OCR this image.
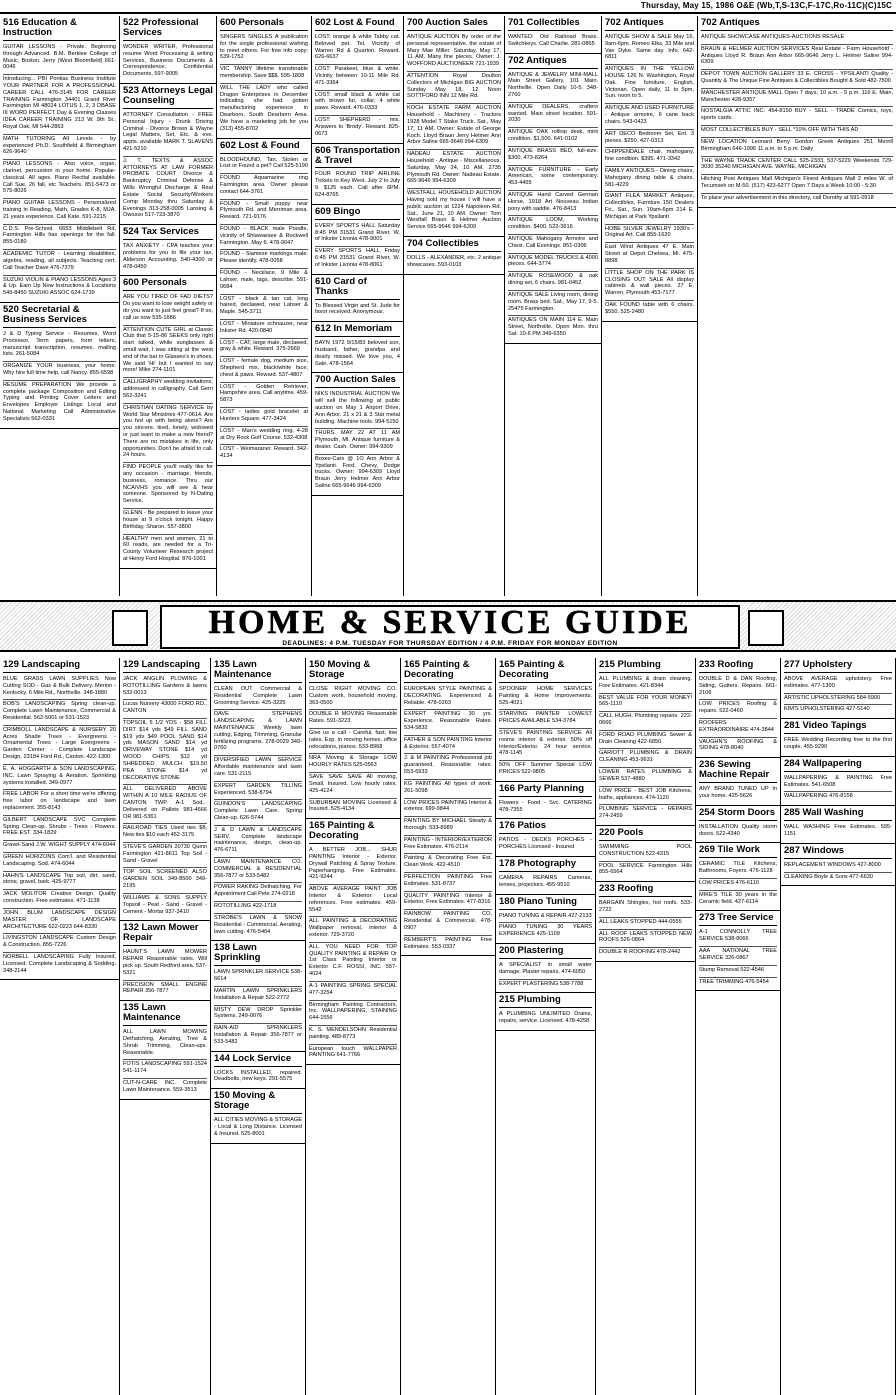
Thursday, May 15, 1986 O&E (Wb,T,S-13C,F-17C,Ro-11C)(C)15C
516 Education & Instruction
GUITAR LESSONS - Private. Beginning through Advanced. B.M. Berklee College of Music, Boston. Jerry (West Bloomfield) 661-0046
Introducing... PBI Pontiac Business Institute YOUR PARTNER FOR A PROFESSIONAL CAREER CALL 476-3145 FOR CAREER TRAINING Farmington 34401 Grand River Farmington MI 48024 LOTUS 1, 2, 3 DBASE III WORD PERFECT Day & Evening Classes IDEA CAREER TRAINING 213 W. 9th St., Royal Oak, MI 544-2863
MATH TUTORING All Levels - by experienced Ph.D. Southfield & Birmingham 626-9640
PIANO LESSONS - Also voice, organ, clarinet, percussion in your home. Popular-classical. All ages. Piano Recital available. Call Sue, 26 fall, etc Teachers. 851-5473 or 575-8026
PIANO GUITAR LESSONS - Personalized training in Reading, Math, Grades K-8, MJA. 21 years experience. Call Kate. 591-2215
C.D.S. Pre-School. 6653 Middlebelt Rd, Farmington Hills has openings for the fall. 855-0180
ACADEMIC TUTOR - Learning disabilities, algebra, reading, all subjects. Teaching cert. Call Teacher Dave 476-7379
SUZUKI VIOLIN & PIANO LESSONS Ages 3 & Up. Earn Up Now Instructions & Locations 549-8450 SUZUKI ASSOC 624-1739
520 Secretarial & Business Services
J & D Typing Service - Resumes, Word Processor, Term papers, form letters, manuscript transcription, resumes, mailing lists. 261-5084
ORGANIZE YOUR business, your home. Why hire full time help, call Nancy. 855-6598
RESUME PREPARATION We provide a complete package Composition and Editing Typing and Printing Cover Letters and Envelopes Employer Listings Local and National Marketing Call Administrative Specialists 562-0331
522 Professional Services
WONDER WRITER, Professional resume Word Processing & writing Services, Business Documents & Correspondence, Confidential Documents, 597-9005
523 Attorneys Legal Counseling
ATTORNEY Consultation - FREE Personal Injury - Drunk Driving Criminal - Divorce Brown & Wayne Legal Matters, Set, Etc. & eve. appts. available MARK T. SLAVENS 421-5210
J. T. TEXTS & ASSOC ATTORNEYS AT LAW FORMER PROBATE COURT Divorce & Bankruptcy Criminal Defense & Wills Wrongful Discharge & Real Estate Social Security/Workers Comp Monday thru Saturday & Evenings 313-258-0005 Lansing & Owosso 517-723-3870
524 Tax Services
TAX ANXIETY - CPA teaches your problems for you to file your tax, Alderson Accounting. 540-4300 or 478-0450
600 Personals
ARE YOU TIRED OF FAD DIETS? Do you want to lose weight safely or do you want to just feel great? If so, call us now 535-1686
ATTENTION CUTE GIRL at Classic Club that 5-15-86 SEEKS only right start talked, while sunglasses & small wait, I was sitting at the west end of the bar in Glasses's in shoes. We said 'Hi' but I wanted to say more! Mike 274-1101
CALLIGRAPHY wedding invitations, addressed in calligraphy. Call Gerri 562-3241
CHRISTIAN DATING SERVICE by World Star Ministries 477-0614. Are you fed up with being alone? Are you sincere, tired, lonely, widowed or just want to make a new friend? There are no mistakes in life, only opportunities. Don't be afraid to call. 24 hours.
FIND PEOPLE you'll really like for any occasion - marriage, friends, business, romance. Thru our NCA/VHS you will see & hear someone. Sponsored by N-Dating Service.
GLENN - Be prepared to leave your house at 9 o'clock tonight. Happy Birthday, Sharon. 557-3800
HEALTHY men and women, 21 to 60 reads, are needed for a Tri-County Volunteer Research project at Henry Ford Hospital. 876-1001
600 Personals
SINGERS SINGLES A publication for the single professional wishing to meet others. For free info copy: 539-1752
VIC TANNY lifetime transferable membership. Save $$$. 595-1808
WILL THE LADY who called Dragon Enterprises in December indicating she had gotten manufacturing experience in Dearborn, South Dearborn Area. We have a marketing job for you (313) 455-8702
602 Lost & Found
BLOODHOUND, Tan. Stolen or Lost or Found a pet? Call 525-5190
FOUND Aquamarine ring Farmington area. Owner please contact 644-3761
FOUND - Small puppy near Plymouth Rd. and Merriman area. Reward. 721-9176
FOUND - BLACK male Poodle, vicinity of Shiawassee & Rockwell Farmington. May 6. 478-9047
FOUND - Siamese markings male. Please identify. 478-0058
FOUND - Necklace, 9 Mile & Lahser, male, tags, describe. 591-0684
LOST - black & tan cat, long haired, declawed, near Lahser & Maple. 545-3711
LOST - Miniature schnauzer, near Inkster Rd. 420-0840
LOST - CAT, large male, declawed, gray & white. Reward. 375-2669
LOST - female dog, medium size, Shepherd mix, black/white face, chest & paws. Reward. 537-4807
LOST - Golden Retriever, Hampshire area. Call anytime. 459-5873
LOST - ladies gold bracelet at Hunters Square. 477-3424
LOST - Man's wedding ring, 4-28 at Dry Rock Golf Course. 532-4308
LOST - Weimaraner. Reward. 342-4134
602 Lost & Found
LOST: orange & white Tabby cat. Beloved pet. Tel. Vicinity of Warren Rd & Quarton. Reward. 626-6637
LOST: Parakeet, blue & white. Vicinity between 10-11 Mile Rd. 471-3364
LOST: small black & white cat with brown fur, collar, 4 white paws. Reward. 476-0333
LOST: SHEPHERD - mix. Answers to 'Brody'. Reward. 825-0673
606 Transportation & Travel
FOUR ROUND TRIP AIRLINE Tickets to Key West, July 2 to July 9. $125 each. Call after 6PM. 624-8765
609 Bingo
EVERY SPORTS HALL Saturday 8:45 PM 31531 Grand River, W. of Inkster Livonia 478-9001
EVERY SPORTS HALL Friday 6:45 PM 31531 Grand River, W. of Inkster Livonia 478-8061
610 Card of Thanks
To Blessed Virgin and St. Jude for favor received. Anonymous.
612 In Memoriam
BAYN 1972 9/15/83 beloved son, husband, father, grandpa and dearly missed. We love you, 4 Sale, 478-1564
700 Auction Sales
NIKS INDUSTRIAL AUCTION We will sell the following at public auction on May 1 Airport Drive, Ann Arbor. 21 x 21 & 3 Star metal building. Machine tools. 994-5150
THURS. MAY 22 AT 11 AM Plymouth, MI. Antique furniture & dealer. Cash. Owner: 994-9309
Boxes-Cars @ 1O Ann Arbor & Ypsilanti. Ford, Chevy, Dodge trucks. Owner: 994-6309 Lloyd Braun Jerry Helmer Ann Arbor Saline 665-9646 994-6309
700 Auction Sales
ANTIQUE AUCTION By order of the personal representative, the estate of Mary Mae Miller. Saturday, May 17, 11 AM. Many fine pieces. Owner: J. WOFFORD AUCTIONEER 721-1939
ATTENTION Royal Doulton Collectors of Michigan BIG AUCTION Sunday May 18, 12 Noon SOTTFORD INN 12 Mile Rd.
KOCH ESTATE FARM AUCTION Household - Machinery - Tractors 1928 Model T Stake Truck. Sat., May 17, 11 AM. Owner: Estate of George Koch. Lloyd Braun Jerry Helmer Ann Arbor Saline 665-9646 994-6309
NADEAU ESTATE AUCTION Household - Antique - Miscellaneous. Saturday, May 24, 10 AM. 2735 Plymouth Rd. Owner: Nadeau Estate. 665-9646 994-6309
WESTFALL HOUSEHOLD AUCTION Having sold my house I will have a public auction at 1224 Napoleon Rd. Sat., June 21, 10 AM. Owner: Tom Westfall Braun & Helmer Auction Service 665-9646 994-6309
704 Collectibles
DOLLS - ALEXANDER, etc. 2 antique showcases. 593-0103
701 Collectibles
WANTED: Old Railroad Brass. Switchkeys. Call Charlie. 281-0865
702 Antiques
ANTIQUE & JEWELRY MINI-MALL Main Street Gallery, 101 Main, Northville. Open Daily 10-5. 348-2760
ANTIQUE DEALERS, crafters wanted. Main street location. 591-2030
ANTIQUE OAK rolltop desk, mint condition. $1,500. 641-0102
ANTIQUE BRASS BED, full-size. $300. 473-8264
ANTIQUE FURNITURE - Early American, some contemporary. 453-4455
ANTIQUE Hand Carved German Horse, 1918 Art Nouveau Indian pony with saddle. 476-8413
ANTIQUE LOOM, Working condition. $400. 522-3616
ANTIQUE Mahogany Armoire and Chest. Call Evenings. 851-0306
ANTIQUE MODEL TRUCKS & 4000 pieces. 644-3774
ANTIQUE ROSEWOOD & oak dining set, 6 chairs. 981-0452
ANTIQUE SALE Living room, dining room. Brass bed. Sat., May 17, 9-5. 25475 Farmington.
ANTIQUES ON MAIN 114 E. Main Street, Northville. Open Mon. thru Sat. 10-6 PM 349-6350
702 Antiques
ANTIQUE SHOW & SALE May 16, 9am-6pm. Romeo Elks, 33 Mile and Van Dyke. Same day. Info. 642-6811
ANTIQUES IN THE YELLOW HOUSE 126 N. Washington, Royal Oak. Fine furniture, English, Victorian. Open daily, 11 to 5pm, Sun. noon to 5.
ANTIQUE AND USED FURNITURE - Antique armoire, 6 cane back chairs. 543-0423
ART DECO Bedroom Set, Ent. 3 pieces. $250. 427-0313
CHIPPENDALE chair, mahogany, fine condition. $395. 471-3342
FAMILY ANTIQUES - Dining chairs, Mahogany dining table & chairs. 581-4229
GIANT FLEA MARKET Antiques, Collectibles, Furniture 150 Dealers Fri., Sat., Sun. 10am-6pm 214 E. Michigan at Park Ypsilanti
HOBE SILVER JEWELRY 1930's - Original Art. Call 855-1620
East Wind Antiques 47 E. Main Street at Depot Chelsea, Mi. 475-8898
LITTLE SHOP ON THE PARK IS CLOSING OUT SALE All display cabinets & wall pieces. 27 E. Warren, Plymouth 453-7177
OAK FOUND table with 6 chairs. $550. 525-2480
702 Antiques
ANTIQUE SHOWCASE ANTIQUES-AUCTIONS RESALE
BRAUN & HELMER AUCTION SERVICES Real Estate - Farm Household - Antiques Lloyd R. Braun Ann Arbor 665-9646 Jerry L. Helmer Saline 994-6309
DEPOT TOWN AUCTION GALLERY 33 E. CROSS - YPSILANTI Quality - Quantity & The Unique Fine Antiques & Collectibles Bought & Sold 482-7500
MANCHESTER ANTIQUE MALL Open 7 days, 10 a.m. - 5 p.m. 116 E. Main, Manchester 428-9357
NOSTALGIA ATTIC INC. 454-8150 BUY - SELL - TRADE Comics, toys, sports cards.
MOST COLLECTIBLES BUY - SELL *10% OFF WITH THIS AD
NEW LOCATION Leonard Berry Gordon Greek Antiques 251 Merrill Birmingham 646-1996 11 a.m. to 5 p.m. Daily
THE WAYNE TRADE CENTER CALL 525-2333, 537-5229 Weekends 729-3030 35240 MICHIGAN AVE. WAYNE, MICHIGAN
Hitching Post Antiques Mall Michigan's Finest Antiques Mall 2 miles W. of Tecumseh on M-50. (517) 423-6277 Open 7 Days a Week 10:00 - 5:30
To place your advertisement in this directory, call Dorothy at 591-0918
HOME & SERVICE GUIDE
DEADLINES: 4 P.M. TUESDAY FOR THURSDAY EDITION / 4 P.M. FRIDAY FOR MONDAY EDITION
129 Landscaping
BLUE GRASS LAWN SUPPLIES Now Cutting SOD - Gas & Bulk Delivery. Merion - Kentucky. 6 Mile Rd., Northville. 348-1880
BOB'S LANDSCAPING Spring clean-up. Complete Lawn Maintenance, Commercial & Residential. 562-5001 or 531-1523
CRIMBOLL LANDSCAPE & NURSERY 20 Acres Shade Trees - Evergreens - Ornamental Trees - Large Evergreens - Garden Center - Complete Landscape Design. 23184 Ford Rd., Canton. 422-1300
E. A. HOGGARTH & SON LANDSCAPING, INC. Lawn Spraying & Aeration. Sprinkling systems installed. 349-0977
FREE LABOR For a short time we're offering free labor on landscape and lawn replacement. 355-8143
GILBERT LANDSCAPE SVC Complete Spring Clean-up. Shrubs - Trees - Flowers. FREE EST. 334-1829
Gravel-Sand J.W. WIGHT SUPPLY 474-6044
GREEN HORIZONS Com'l. and Residential Landscaping. Sod. 474-6044
HAHN'S LANDSCAPE Top soil, dirt, sand, stone, gravel, bark. 425-9777
JACK MOLITOR Creative Design. Quality construction. Free estimates. 471-1138
JOHN BLUM LANDSCAPE DESIGN MASTER OF LANDSCAPE ARCHITECTURE 622-0223 644-8330
LIVINGSTON LANDSCAPE Custom Design & Construction. 855-7226
NORBELL LANDSCAPING Fully Insured, Licensed. Complete Landscaping & Sodding. 348-2144
129 Landscaping
JACK ANGLIN PLOWING & ROTOTILLING Gardens & lawns 532-0013
Lucas Nursery 43000 FORD RD., CANTON
TOPSOIL 5 1/2 YDS - $58 FILL DIRT $14 yds $49 FILL SAND $19 yds $49 POOL SAND $14 yds MASON SAND $14 yd DRIVEWAY STONE $14 yd WOOD CHIPS $12 yd SHREDDED MULCH $19.50 PEA STONE $14 yd DECORATIVE STONE
ALL DELIVERED ABOVE WITHIN A 10 MILE RADIUS OF CANTON TWP. A-1 Sod... Delivered on Pallets 981-4666 OR 981-5361
RAILROAD TIES Used ties $8, New ties $10 each 452-3175
STEVE'S GARDEN 20730 Quinn Farmington 421-8611 Top Soil - Sand - Gravel
TOP SOIL SCREENED ALSO GARDEN SOIL 349-8500 349-2195
WILLIAMS & SONS SUPPLY Topsoil - Peat - Sand - Gravel - Cement - Mortar 937-3410
132 Lawn Mower Repair
HAUNT'S LAWN MOWER REPAIR Reasonable rates. Will pick up. South Redford area. 537-5321
PRECISION SMALL ENGINE REPAIR 356-7877
135 Lawn Maintenance
ALL LAWN MOWING Dethatching, Aerating, Tree & Shrub Trimming, Clean-ups. Reasonable.
FOTIS LANDSCAPING 591-1524 541-1174
CUT-N-CARE INC. Complete Lawn Maintenance. 559-3513
135 Lawn Maintenance
CLEAN OUT Commercial & Residential Complete Lawn Grooming Service. 425-3225
DAVE STEPHENS LANDSCAPING & LAWN MAINTENANCE Weekly lawn cutting, Edging, Trimming, Granular fertilizing programs. 278-0029 349-0760
DIVERSIFIED LAWN SERVICE Affordable maintenance and lawn care. 531-2115
EXPERT GARDEN TILLING Experienced. 538-8794
GUINDON'S LANDSCAPING Complete Lawn Care. Spring Clean-up. 626-5744
J & D LAWN & LANDSCAPE SERV. Complete landscape maintenance, design, clean-up. 476-6711
LAWN MAINTENANCE CO. COMMERCIAL & RESIDENTIAL 356-7877 or 533-5482
POWER RAKING Dethatching. For Appointment Call Pete 274-0218
ROTOTILLING 422-1718
STROBE'S LAWN & SNOW Residential - Commercial. Aerating, lawn cutting. 476-5464
138 Lawn Sprinkling
LAWN SPRINKLER SERVICE 538-6614
MARTIN LAWN SPRINKLERS Installation & Repair 522-2772
MISTY DEW DROP Sprinkler Systems. 249-0076
RAIN-AID SPRINKLERS Installation & Repair 356-7877 or 533-5482
144 Lock Service
LOCKS INSTALLED, repaired. Deadbolts, new keys. 291-5575
150 Moving & Storage
ALL CITIES MOVING & STORAGE - Local & Long Distance. Licensed & Insured. 525-8001
150 Moving & Storage
CLOSE RIGHT MOVING CO. Custom work, household moving. 363-0500
DOUBLE R MOVING Reasonable Rates. 591-3223
Give us a call - Careful, fast, low rates. Exp. in moving homes, office relocations, pianos. 533-8968
NRA Moving & Storage LOW HOURLY RATES 525-0563
SAVE SAVE SAVE All moving, Small, Insured. Low hourly rates. 425-4124
SUBURBAN MOVING Licensed & Insured. 525-4134
165 Painting & Decorating
A BETTER JOB... SHUR PAINTING Interior - Exterior. Drywall Patching & Spray Texture. Paperhanging. Free Estimates. 421-9244
ABOVE AVERAGE PAINT JOB Interior & Exterior. Local references. Free estimates. 459-5542
ALL PAINTING & DECORATING Wallpaper removal, interior & exterior. 729-3720
ALL YOU NEED FOR TOP QUALITY PAINTING & REPAIR Or 1st Class Painting Interior or Exterior C.F. ROSSI, INC. 557-4024
A-1 PAINTING SPRING SPECIAL 477-3254
Birmingham Painting Contractors, Inc. WALLPAPERING, STAINING 644-1556
K. S. MENDELSOHN Residential painting. 489-8773
European touch WALLPAPER PAINTING 641-7766
165 Painting & Decorating
EUROPEAN STYLE PAINTING & DECORATING. Experienced & Reliable. 478-0263
EXPERT PAINTING 30 yrs. Experience. Reasonable Rates. 534-5832
FATHER & SON PAINTING Interior & Exterior. 557-4074
J. & M PAINTING Professional job guaranteed. Reasonable rates. 553-6933
KG PAINTING All types of work. 261-5098
LOW PRICES PAINTING Interior & exterior. 699-9844
PAINTING BY MICHAEL Steady & thorough. 533-8989
PAINTING - INTERIOR/EXTERIOR Free Estimates. 476-2114
Painting & Decorating Free Est. Clean Work. 422-4510
PERFECTION PAINTING Free Estimates. 531-8737
QUALITY PAINTING Interior & Exterior. Free Estimates. 477-8316
RAINBOW PAINTING CO. Residential & Commercial. 478-0907
REMBERT'S PAINTING Free Estimates. 553-0337
165 Painting & Decorating
SPOONER HOME SERVICES Painting & Home Improvements. 525-4021
STARVING PAINTER LOWEST PRICES AVAILABLE 534-3784
STEVE'S PAINTING SERVICE All rooms interior & exterior. 50% off Interior/Exterior. 24 hour service. 478-1145
50% OFF Summer Special LOW PRICES 522-9805
166 Party Planning
Flowers - Food - Svc. CATERING 478-7355
176 Patios
PATIOS - DECKS PORCHES - PORCHES Licensed - Insured
178 Photography
CAMERA REPAIRS Cameras, lenses, projectors. 455-9510
180 Piano Tuning
PIANO TUNING & REPAIR 427-2133
PIANO TUNING 30 YEARS EXPERIENCE 425-1109
200 Plastering
A SPECIALIST in small water damage. Plaster repairs. 474-6050
EXPERT PLASTERING 538-7788
215 Plumbing
A PLUMBING UNLIMITED Drains, repairs, service. Licensed. 478-4258
215 Plumbing
ALL PLUMBING & drain cleaning. Free Estimates. 421-8344
BEST VALUE FOR YOUR MONEY! 565-1110
CALL HUGH. Plumbing repairs. 222-0666
FORD ROAD PLUMBING Sewer & Drain Cleaning 422-6850
GARIOTT PLUMBING & DRAIN CLEANING 453-9631
LOWER RATES PLUMBING & SEWER 537-4880
LOW PRICE - BEST JOB Kitchens, baths, appliances. 474-1120
PLUMBING SERVICE - REPAIRS 274-2459
220 Pools
SWIMMING POOL CONSTRUCTION 522-4315
POOL SERVICE Farmington Hills 855-6564
233 Roofing
BARGAIN Shingles, hot roofs. 533-2722
ALL LEAKS STOPPED 444-0555
ALL ROOF LEAKS STOPPED NEW ROOFS 526-0864
DOUBLE R ROOFING 478-2442
233 Roofing
DOUBLE D & DAN Roofing, Siding, Gutters. Repairs. 661-2106
LOW PRICES Roofing & repairs. 522-0460
ROOFERS EXTRAORDINAIRE 474-3844
VAUGHN'S ROOFING & SIDING 478-8040
236 Sewing Machine Repair
ANY BRAND TUNED UP In your home. 425-5626
254 Storm Doors
INSTALLATION Quality storm doors. 522-4340
269 Tile Work
CERAMIC TILE Kitchens, Bathrooms, Foyers. 476-1128
LOW PRICES 476-6110
MIKE'S TILE 30 years in the Ceramic field. 427-6114
273 Tree Service
A-1 CONNOLLY TREE SERVICE 538-8066
AAA NATIONAL TREE SERVICE 326-0867
Stump Removal 522-4546
TREE TRIMMING 476-5454
277 Upholstery
ABOVE AVERAGE upholstery. Free estimates. 477-1300
ARTISTIC UPHOLSTERING 584-5900
KIM'S UPHOLSTERING 427-5140
281 Video Tapings
FREE Wedding Recording free to the first couple. 455-9290
284 Wallpapering
WALLPAPERING & PAINTING Free Estimates. 541-6508
WALLPAPERING 476-8158
285 Wall Washing
WALL WASHING Free Estimates. 595-1151
287 Windows
REPLACEMENT WINDOWS 427-8000
CLEANING Boyle & Sons 477-6630
